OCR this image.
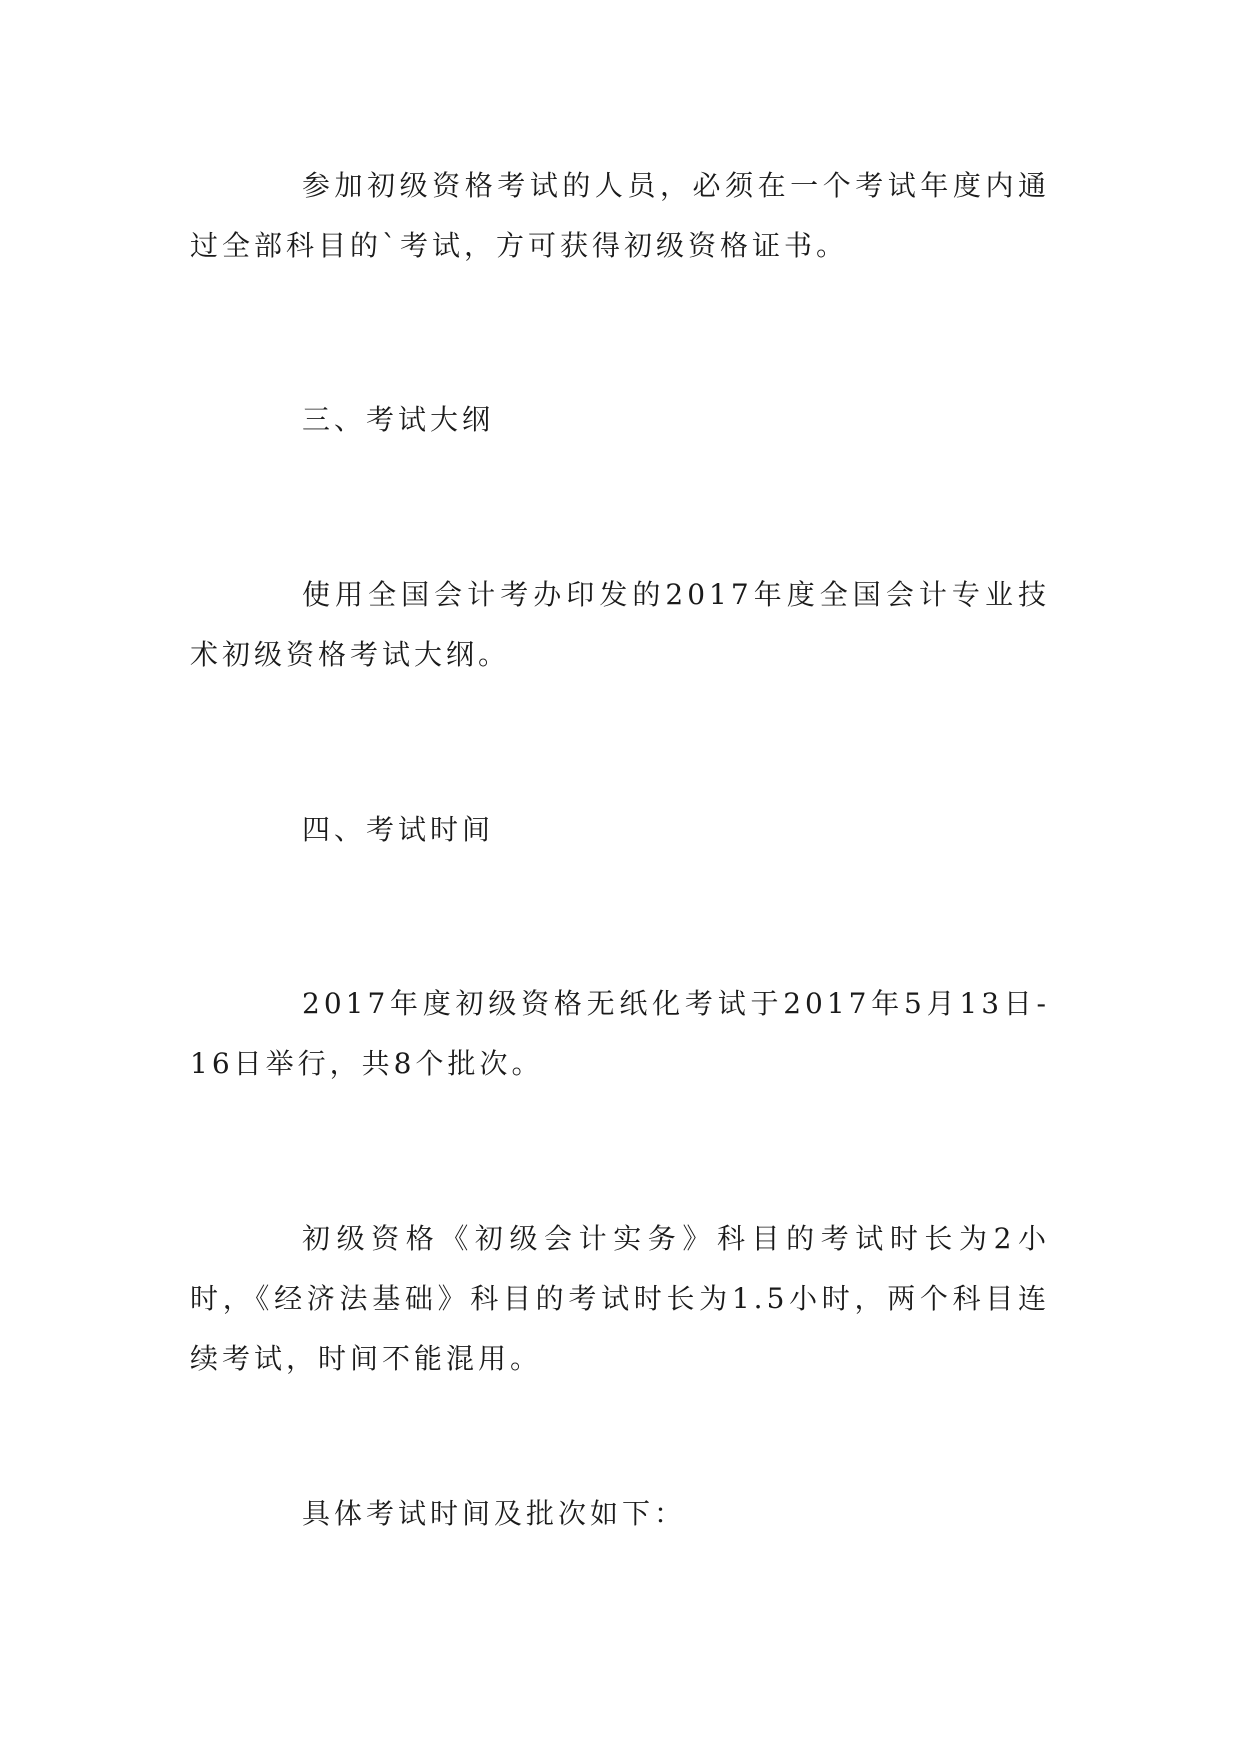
参加初级资格考试的人员，必须在一个考试年度内通过全部科目的`考试，方可获得初级资格证书。

三、考试大纲

使用全国会计考办印发的2017年度全国会计专业技术初级资格考试大纲。

四、考试时间

2017年度初级资格无纸化考试于2017年5月13日-16日举行，共8个批次。

初级资格《初级会计实务》科目的考试时长为2小时，《经济法基础》科目的考试时长为1.5小时，两个科目连续考试，时间不能混用。

具体考试时间及批次如下：
